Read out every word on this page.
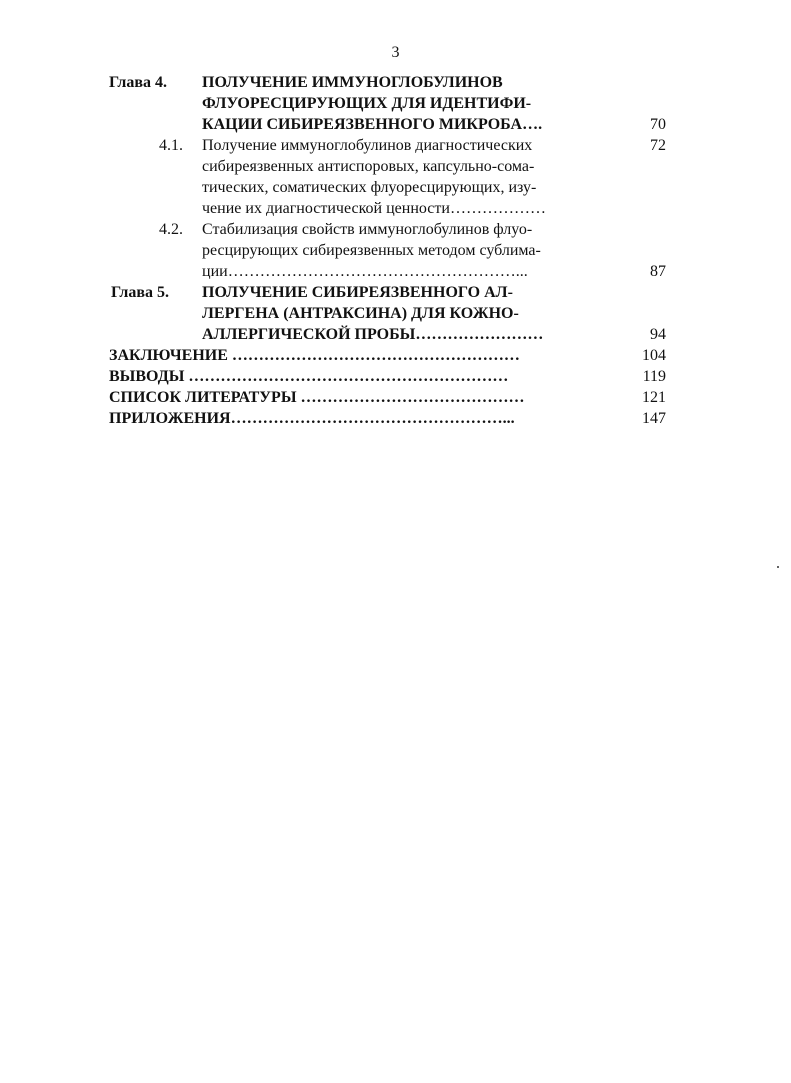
3
Глава 4. ПОЛУЧЕНИЕ ИММУНОГЛОБУЛИНОВ
ФЛУОРЕСЦИРУЮЩИХ ДЛЯ ИДЕНТИФИ-
КАЦИИ СИБИРЕЯЗВЕННОГО МИКРОБА….	70
4.1. Получение иммуноглобулинов диагностических	72
сибиреязвенных антиспоровых, капсульно-сома-
тических, соматических флуоресцирующих, изу-
чение их диагностической ценности………………
4.2. Стабилизация свойств иммуноглобулинов флуо-
ресцирующих сибиреязвенных методом сублима-
ции………………………………………………...	87
Глава 5. ПОЛУЧЕНИЕ СИБИРЕЯЗВЕННОГО АЛ-
ЛЕРГЕНА (АНТРАКСИНА) ДЛЯ КОЖНО-
АЛЛЕРГИЧЕСКОЙ ПРОБЫ……………………	94
ЗАКЛЮЧЕНИЕ ………………………………………………	104
ВЫВОДЫ ……………………………………………………	119
СПИСОК ЛИТЕРАТУРЫ ……………………………………	121
ПРИЛОЖЕНИЯ……………………………………………...	147
